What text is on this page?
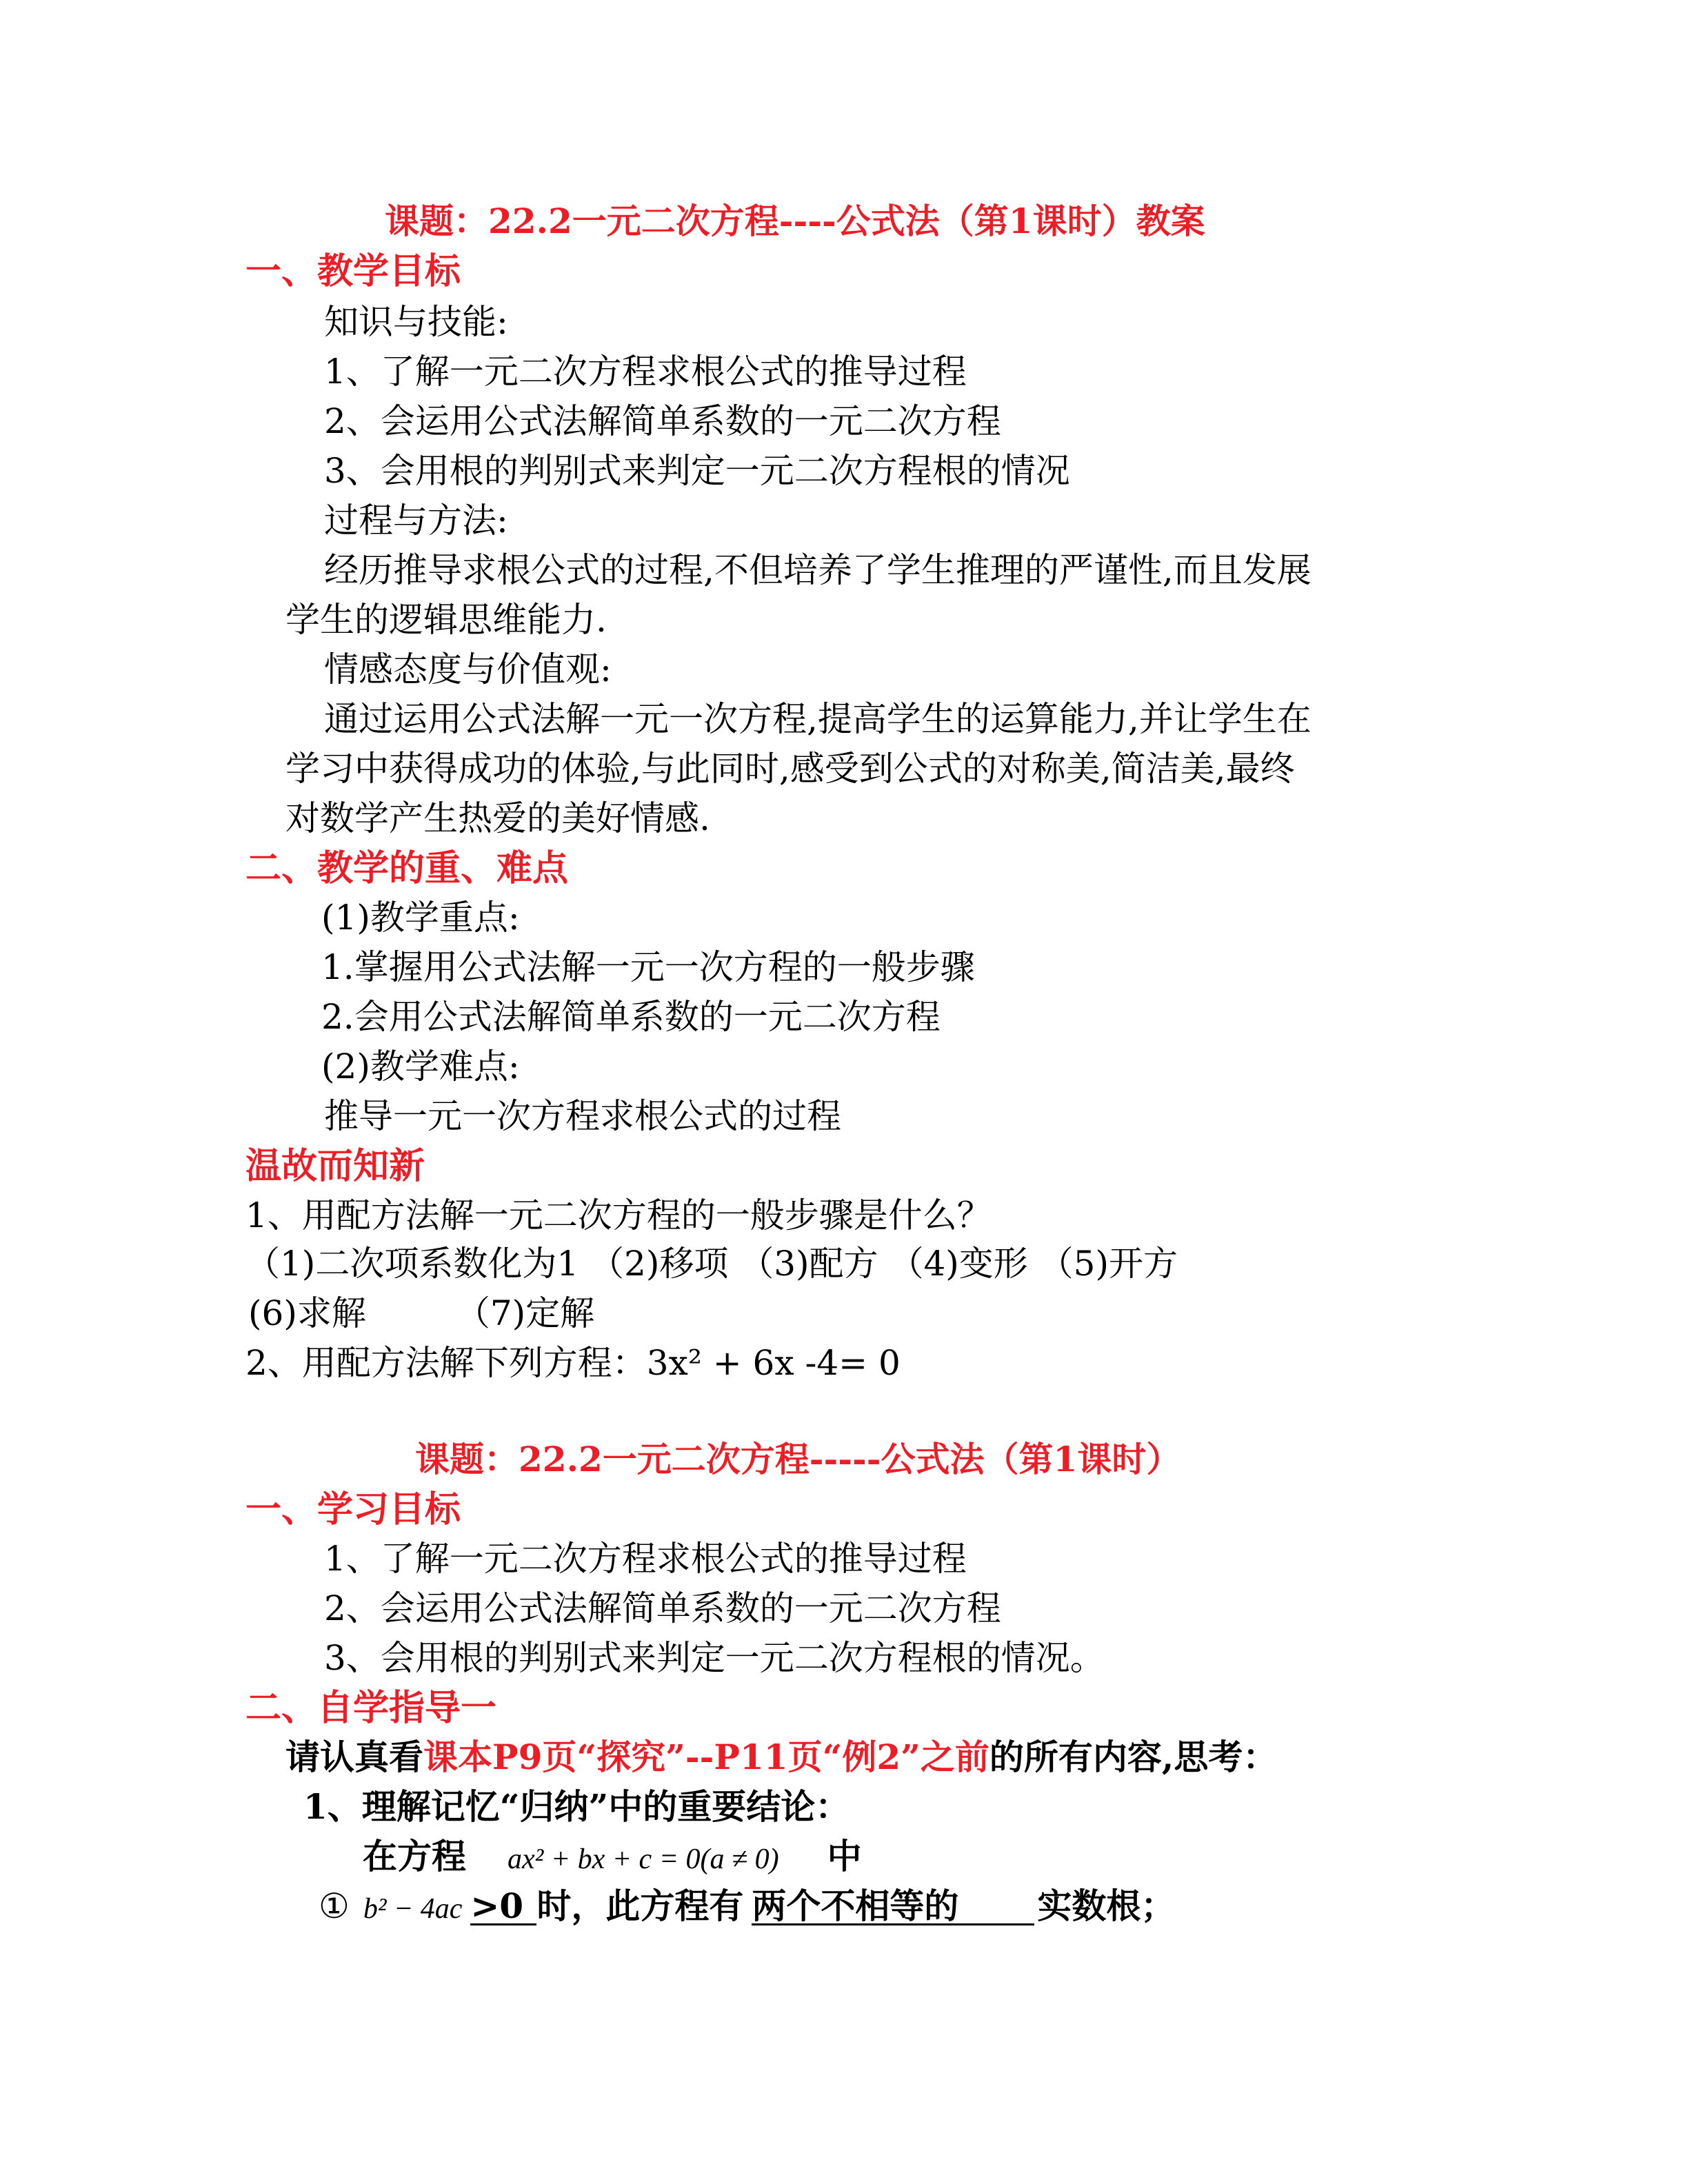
课题：22.2一元二次方程----公式法（第1课时）教案
一、教学目标
知识与技能:
1、了解一元二次方程求根公式的推导过程
2、会运用公式法解简单系数的一元二次方程
3、会用根的判别式来判定一元二次方程根的情况
过程与方法:
经历推导求根公式的过程,不但培养了学生推理的严谨性,而且发展
学生的逻辑思维能力.
情感态度与价值观:
通过运用公式法解一元一次方程,提高学生的运算能力,并让学生在
学习中获得成功的体验,与此同时,感受到公式的对称美,简洁美,最终
对数学产生热爱的美好情感.
二、教学的重、难点
(1)教学重点:
1.掌握用公式法解一元一次方程的一般步骤
2.会用公式法解简单系数的一元二次方程
(2)教学难点:
推导一元一次方程求根公式的过程
温故而知新
1、用配方法解一元二次方程的一般步骤是什么？
（1)二次项系数化为1 （2)移项 （3)配方 （4)变形 （5)开方
(6)求解	（7)定解
2、用配方法解下列方程：3x² + 6x -4= 0
课题：22.2一元二次方程-----公式法（第1课时）
一、学习目标
1、了解一元二次方程求根公式的推导过程
2、会运用公式法解简单系数的一元二次方程
3、会用根的判别式来判定一元二次方程根的情况。
二、自学指导一
请认真看课本P9页“探究”--P11页“例2”之前的所有内容,思考：
1、理解记忆“归纳”中的重要结论：
在方程 ax² + bx + c = 0(a ≠ 0) 中
① b² − 4ac >0 时，此方程有 两个不相等的 实数根；
